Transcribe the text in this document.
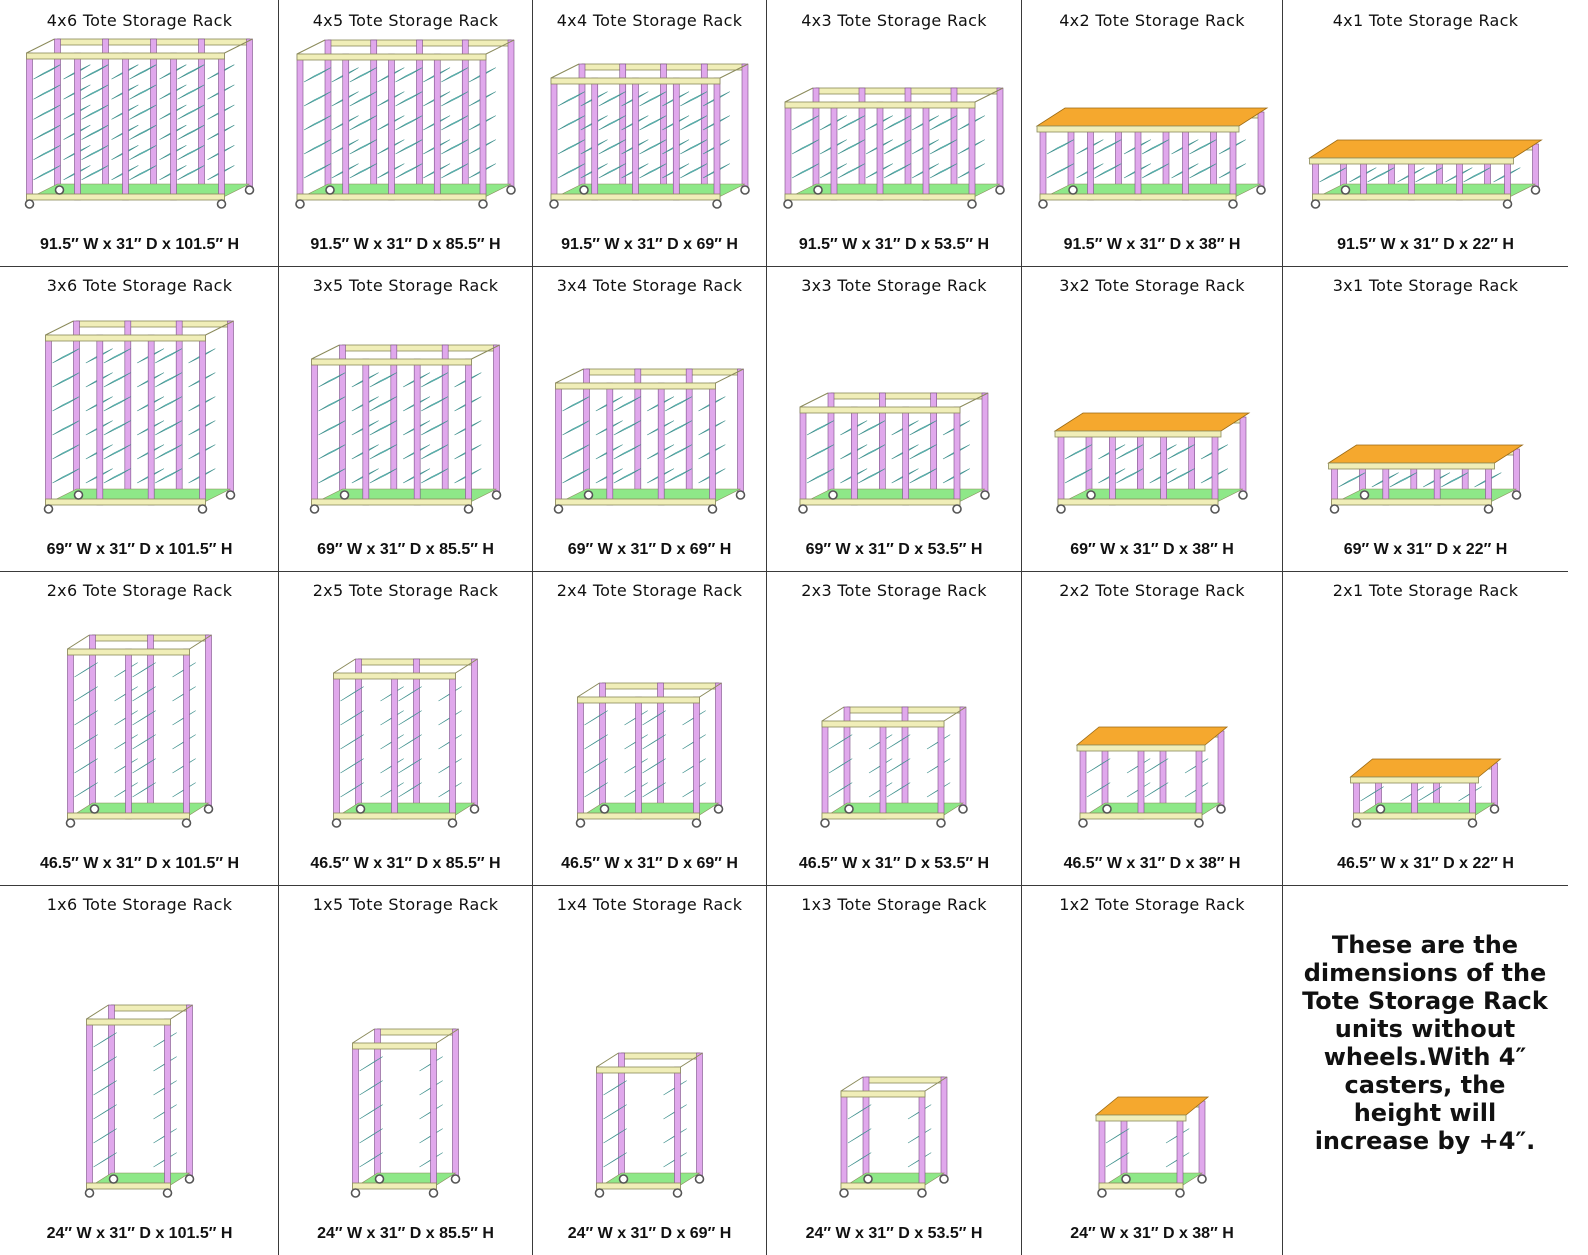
4x6 Tote Storage Rack
91.5″ W x 31″ D x 101.5″ H
4x5 Tote Storage Rack
91.5″ W x 31″ D x 85.5″ H
4x4 Tote Storage Rack
91.5″ W x 31″ D x 69″ H
4x3 Tote Storage Rack
91.5″ W x 31″ D x 53.5″ H
4x2 Tote Storage Rack
91.5″ W x 31″ D x 38″ H
4x1 Tote Storage Rack
91.5″ W x 31″ D x 22″ H
3x6 Tote Storage Rack
69″ W x 31″ D x 101.5″ H
3x5 Tote Storage Rack
69″ W x 31″ D x 85.5″ H
3x4 Tote Storage Rack
69″ W x 31″ D x 69″ H
3x3 Tote Storage Rack
69″ W x 31″ D x 53.5″ H
3x2 Tote Storage Rack
69″ W x 31″ D x 38″ H
3x1 Tote Storage Rack
69″ W x 31″ D x 22″ H
2x6 Tote Storage Rack
46.5″ W x 31″ D x 101.5″ H
2x5 Tote Storage Rack
46.5″ W x 31″ D x 85.5″ H
2x4 Tote Storage Rack
46.5″ W x 31″ D x 69″ H
2x3 Tote Storage Rack
46.5″ W x 31″ D x 53.5″ H
2x2 Tote Storage Rack
46.5″ W x 31″ D x 38″ H
2x1 Tote Storage Rack
46.5″ W x 31″ D x 22″ H
1x6 Tote Storage Rack
24″ W x 31″ D x 101.5″ H
1x5 Tote Storage Rack
24″ W x 31″ D x 85.5″ H
1x4 Tote Storage Rack
24″ W x 31″ D x 69″ H
1x3 Tote Storage Rack
24″ W x 31″ D x 53.5″ H
1x2 Tote Storage Rack
24″ W x 31″ D x 38″ H
These are the
dimensions of the
Tote Storage Rack
units without
wheels.With 4″
casters, the
height will
increase by +4″.
